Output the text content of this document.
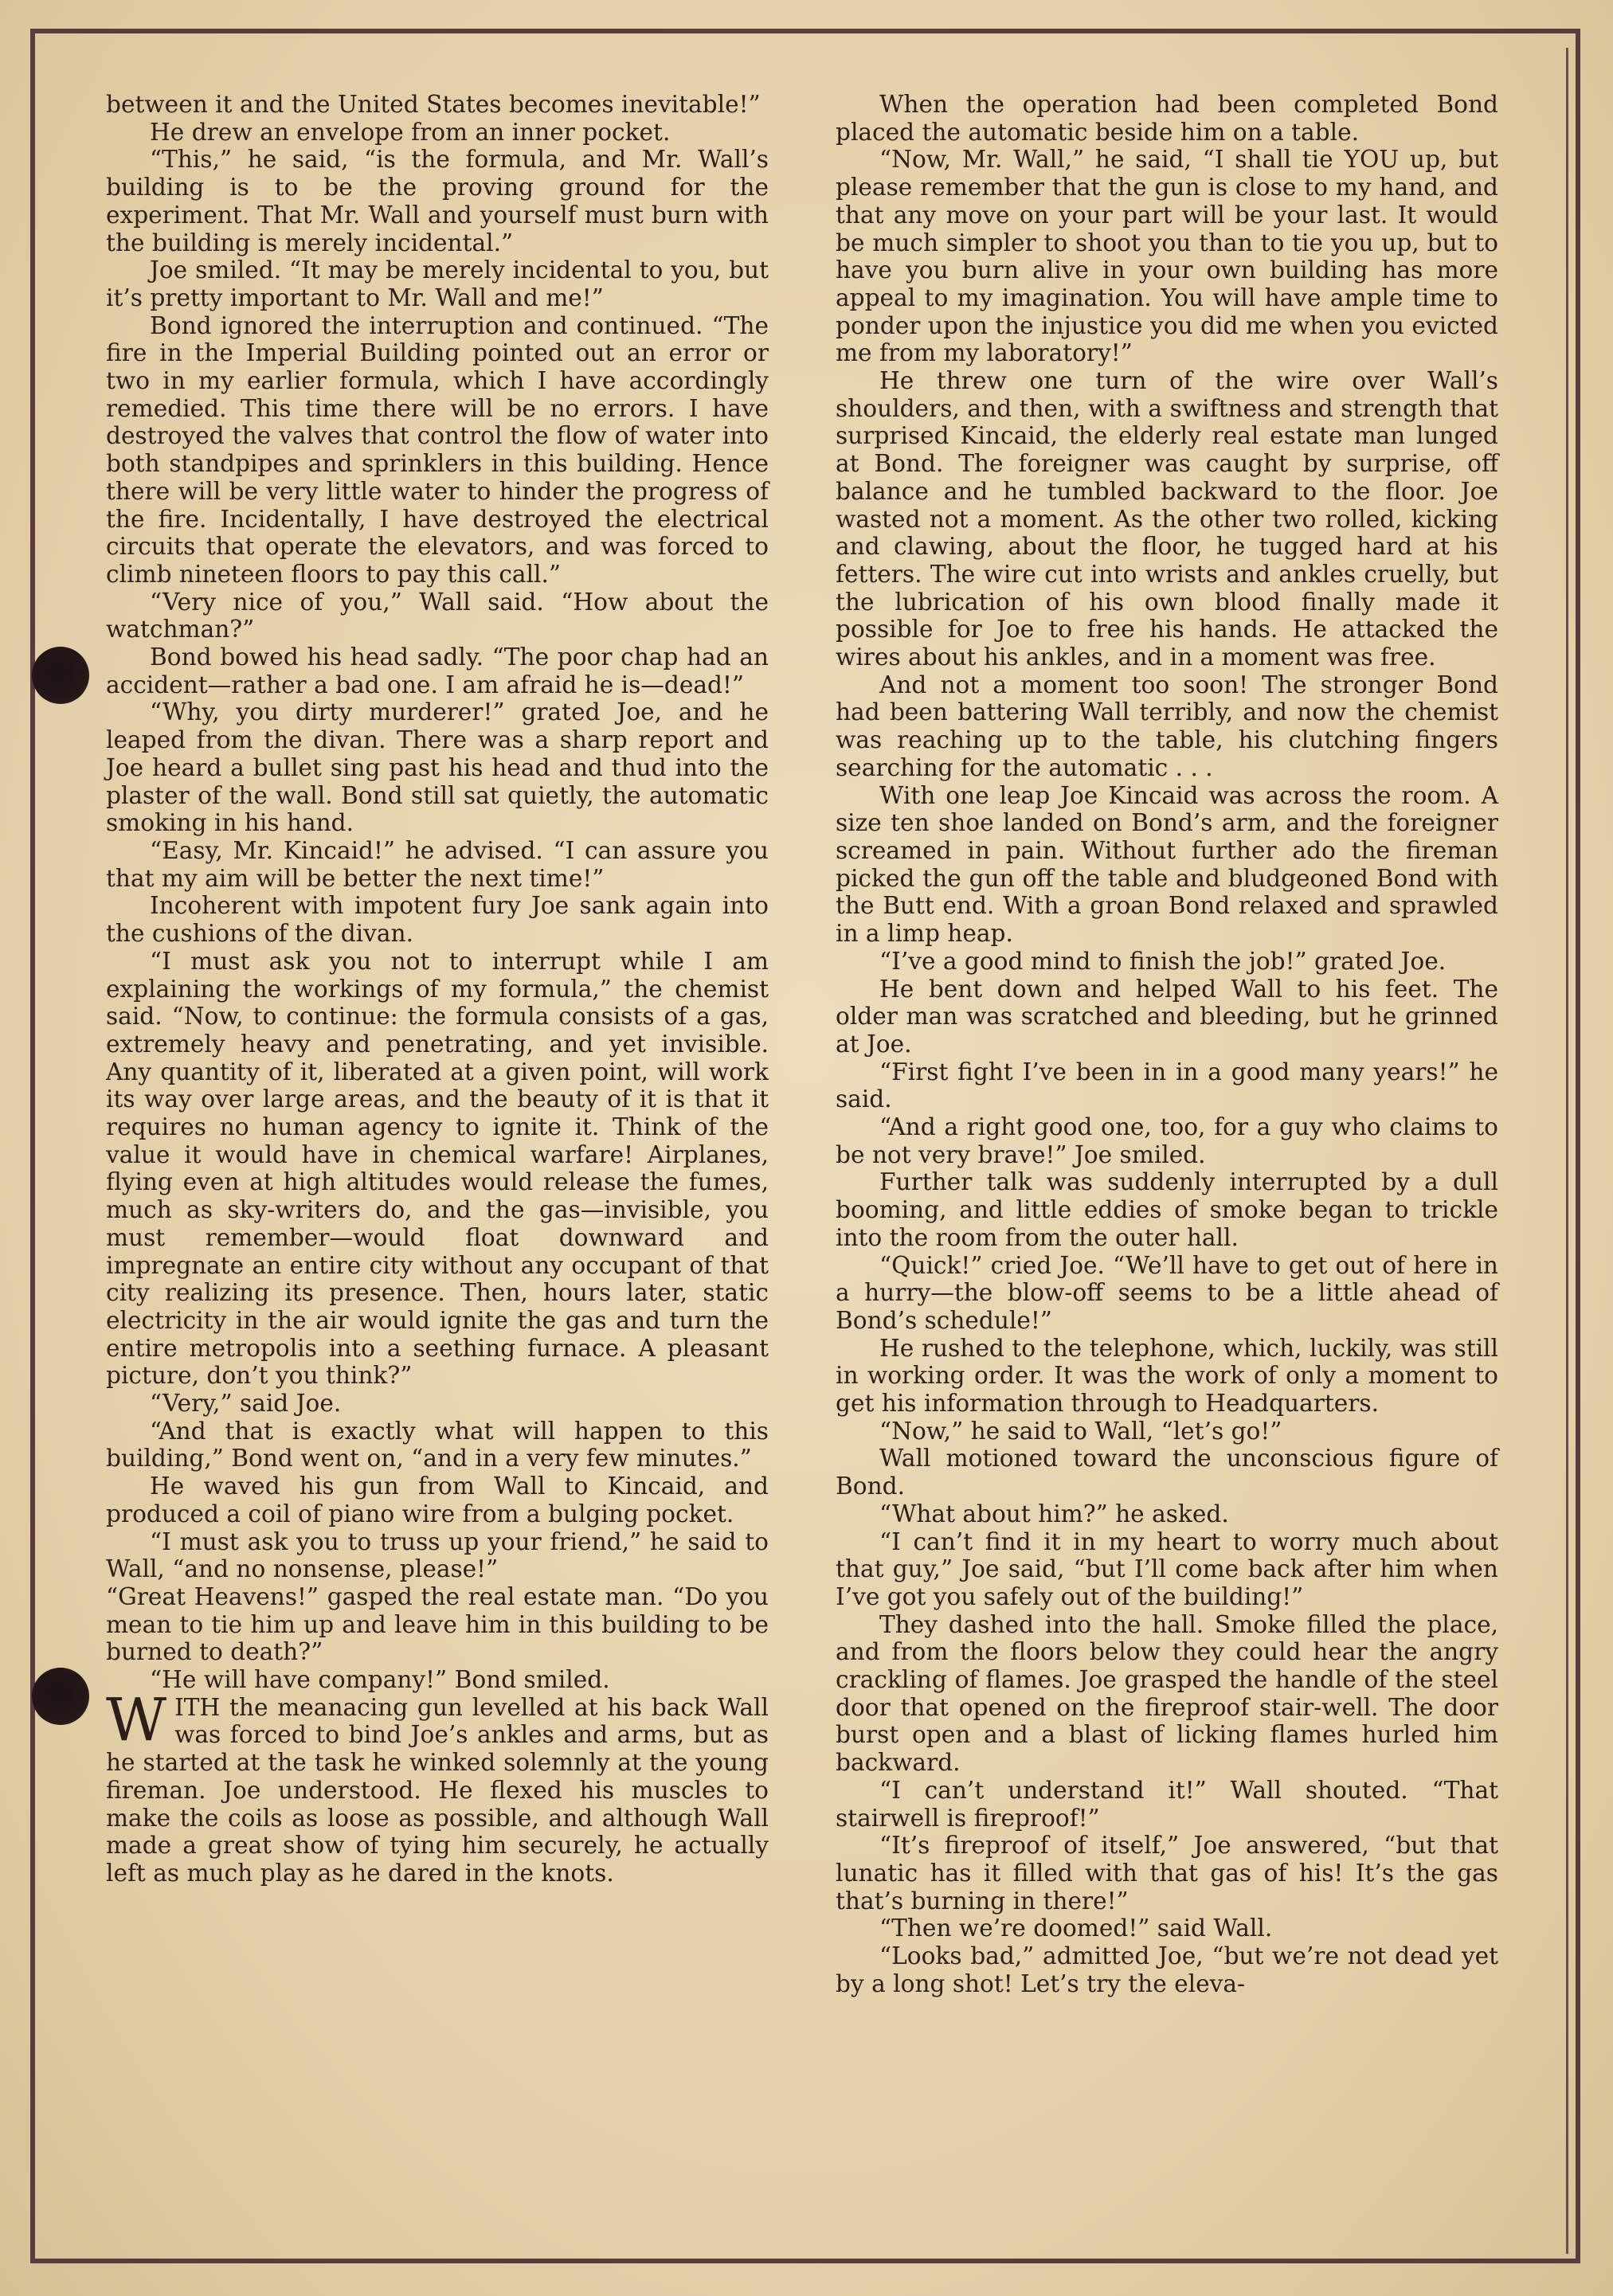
between it and the United States becomes inevitable!”

He drew an envelope from an inner pocket.

“This,” he said, “is the formula, and Mr. Wall’s building is to be the proving ground for the experiment. That Mr. Wall and yourself must burn with the building is merely incidental.”

Joe smiled. “It may be merely incidental to you, but it’s pretty important to Mr. Wall and me!”

Bond ignored the interruption and continued. “The fire in the Imperial Building pointed out an error or two in my earlier formula, which I have accordingly remedied. This time there will be no errors. I have destroyed the valves that control the flow of water into both standpipes and sprinklers in this building. Hence there will be very little water to hinder the progress of the fire. Incidentally, I have destroyed the electrical circuits that operate the elevators, and was forced to climb nineteen floors to pay this call.”

“Very nice of you,” Wall said. “How about the watchman?”

Bond bowed his head sadly. “The poor chap had an accident—rather a bad one. I am afraid he is—dead!”

“Why, you dirty murderer!” grated Joe, and he leaped from the divan. There was a sharp report and Joe heard a bullet sing past his head and thud into the plaster of the wall. Bond still sat quietly, the automatic smoking in his hand.

“Easy, Mr. Kincaid!” he advised. “I can assure you that my aim will be better the next time!”

Incoherent with impotent fury Joe sank again into the cushions of the divan.

“I must ask you not to interrupt while I am explaining the workings of my formula,” the chemist said. “Now, to continue: the formula consists of a gas, extremely heavy and penetrating, and yet invisible. Any quantity of it, liberated at a given point, will work its way over large areas, and the beauty of it is that it requires no human agency to ignite it. Think of the value it would have in chemical warfare! Airplanes, flying even at high altitudes would release the fumes, much as sky-writers do, and the gas—invisible, you must remember—would float downward and impregnate an entire city without any occupant of that city realizing its presence. Then, hours later, static electricity in the air would ignite the gas and turn the entire metropolis into a seething furnace. A pleasant picture, don’t you think?”

“Very,” said Joe.

“And that is exactly what will happen to this building,” Bond went on, “and in a very few minutes.”

He waved his gun from Wall to Kincaid, and produced a coil of piano wire from a bulging pocket.

“I must ask you to truss up your friend,” he said to Wall, “and no nonsense, please!”

“Great Heavens!” gasped the real estate man. “Do you mean to tie him up and leave him in this building to be burned to death?”

“He will have company!” Bond smiled.

WITH the meanacing gun levelled at his back Wall was forced to bind Joe’s ankles and arms, but as he started at the task he winked solemnly at the young fireman. Joe understood. He flexed his muscles to make the coils as loose as possible, and although Wall made a great show of tying him securely, he actually left as much play as he dared in the knots.

When the operation had been completed Bond placed the automatic beside him on a table.

“Now, Mr. Wall,” he said, “I shall tie YOU up, but please remember that the gun is close to my hand, and that any move on your part will be your last. It would be much simpler to shoot you than to tie you up, but to have you burn alive in your own building has more appeal to my imagination. You will have ample time to ponder upon the injustice you did me when you evicted me from my laboratory!”

He threw one turn of the wire over Wall’s shoulders, and then, with a swiftness and strength that surprised Kincaid, the elderly real estate man lunged at Bond. The foreigner was caught by surprise, off balance and he tumbled backward to the floor. Joe wasted not a moment. As the other two rolled, kicking and clawing, about the floor, he tugged hard at his fetters. The wire cut into wrists and ankles cruelly, but the lubrication of his own blood finally made it possible for Joe to free his hands. He attacked the wires about his ankles, and in a moment was free.

And not a moment too soon! The stronger Bond had been battering Wall terribly, and now the chemist was reaching up to the table, his clutching fingers searching for the automatic . . .

With one leap Joe Kincaid was across the room. A size ten shoe landed on Bond’s arm, and the foreigner screamed in pain. Without further ado the fireman picked the gun off the table and bludgeoned Bond with the Butt end. With a groan Bond relaxed and sprawled in a limp heap.

“I’ve a good mind to finish the job!” grated Joe.

He bent down and helped Wall to his feet. The older man was scratched and bleeding, but he grinned at Joe.

“First fight I’ve been in in a good many years!” he said.

“And a right good one, too, for a guy who claims to be not very brave!” Joe smiled.

Further talk was suddenly interrupted by a dull booming, and little eddies of smoke began to trickle into the room from the outer hall.

“Quick!” cried Joe. “We’ll have to get out of here in a hurry—the blow-off seems to be a little ahead of Bond’s schedule!”

He rushed to the telephone, which, luckily, was still in working order. It was the work of only a moment to get his information through to Headquarters.

“Now,” he said to Wall, “let’s go!”

Wall motioned toward the unconscious figure of Bond.

“What about him?” he asked.

“I can’t find it in my heart to worry much about that guy,” Joe said, “but I’ll come back after him when I’ve got you safely out of the building!”

They dashed into the hall. Smoke filled the place, and from the floors below they could hear the angry crackling of flames. Joe grasped the handle of the steel door that opened on the fireproof stair-well. The door burst open and a blast of licking flames hurled him backward.

“I can’t understand it!” Wall shouted. “That stairwell is fireproof!”

“It’s fireproof of itself,” Joe answered, “but that lunatic has it filled with that gas of his! It’s the gas that’s burning in there!”

“Then we’re doomed!” said Wall.

“Looks bad,” admitted Joe, “but we’re not dead yet by a long shot! Let’s try the eleva-
